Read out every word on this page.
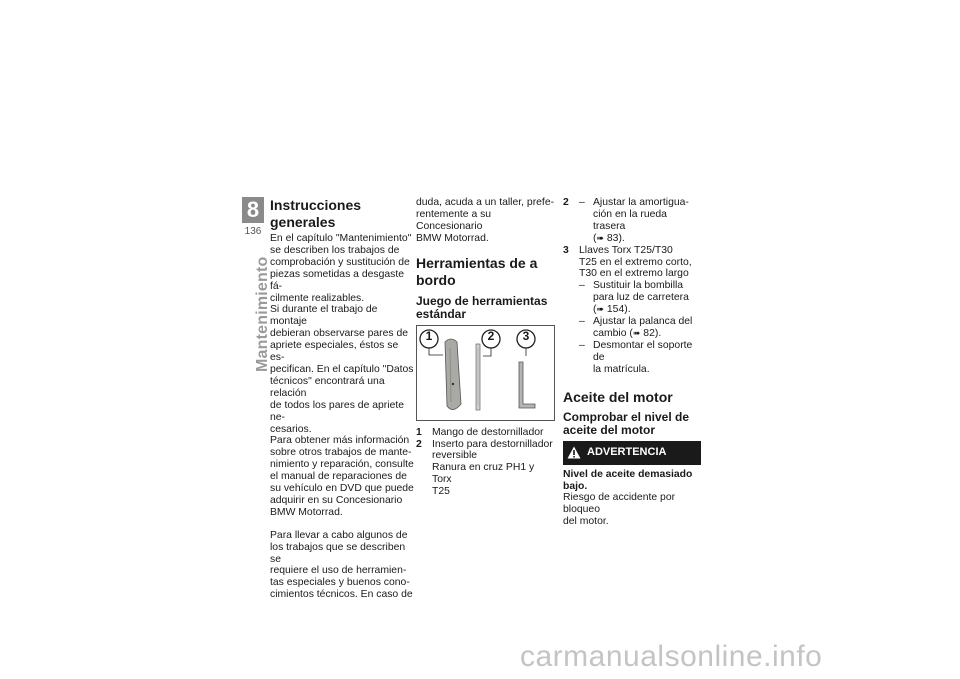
8
136
Mantenimiento
Instrucciones generales

En el capítulo "Mantenimiento"
se describen los trabajos de
comprobación y sustitución de
piezas sometidas a desgaste fá-
cilmente realizables.

Si durante el trabajo de montaje
debieran observarse pares de
apriete especiales, éstos se es-
pecifican. En el capítulo "Datos
técnicos" encontrará una relación
de todos los pares de apriete ne-
cesarios.

Para obtener más información
sobre otros trabajos de mante-
nimiento y reparación, consulte
el manual de reparaciones de
su vehículo en DVD que puede
adquirir en su Concesionario
BMW Motorrad.

Para llevar a cabo algunos de
los trabajos que se describen se
requiere el uso de herramien-
tas especiales y buenos cono-
cimientos técnicos. En caso de

duda, acuda a un taller, prefe-
rentemente a su Concesionario
BMW Motorrad.

Herramientas de a
bordo
Juego de herramientas
estándar
1	2 3
1 Mango de destornillador
2 Inserto para destornillador
reversible
Ranura en cruz PH1 y Torx
T25
2 – Ajustar la amortigua-
ción en la rueda trasera
(➠ 83).
3 Llaves Torx T25/T30
T25 en el extremo corto,
T30 en el extremo largo
– Sustituir la bombilla
para luz de carretera
(➠ 154).
– Ajustar la palanca del
cambio (➠ 82).
– Desmontar el soporte de
la matrícula.
Aceite del motor
Comprobar el nivel de
aceite del motor
ADVERTENCIA

Nivel de aceite demasiado
bajo.

Riesgo de accidente por bloqueo
del motor.

carmanualsonline.info
